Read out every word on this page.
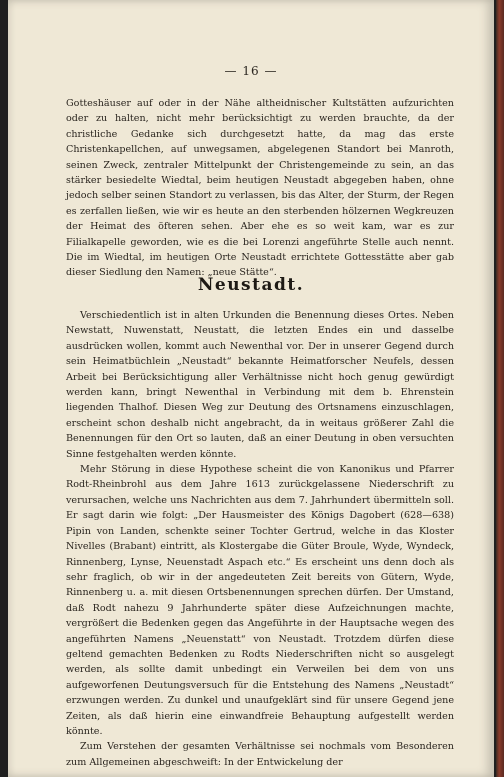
— 16 —

Gotteshäuser auf oder in der Nähe altheidnischer Kultstätten aufzurichten oder zu halten, nicht mehr berücksichtigt zu werden brauchte, da der christliche Gedanke sich durchgesetzt hatte, da mag das erste Christenkapellchen, auf unwegsamen, abgelegenen Standort bei Manroth, seinen Zweck, zentraler Mittelpunkt der Christengemeinde zu sein, an das stärker besiedelte Wiedtal, beim heutigen Neustadt abgegeben haben, ohne jedoch selber seinen Standort zu verlassen, bis das Alter, der Sturm, der Regen es zerfallen ließen, wie wir es heute an den sterbenden hölzernen Wegkreuzen der Heimat des öfteren sehen. Aber ehe es so weit kam, war es zur Filialkapelle geworden, wie es die bei Lorenzi angeführte Stelle auch nennt. Die im Wiedtal, im heutigen Orte Neustadt errichtete Gottesstätte aber gab dieser Siedlung den Namen: „neue Stätte“.

Neustadt.

Verschiedentlich ist in alten Urkunden die Benennung dieses Ortes. Neben Newstatt, Nuwenstatt, Neustatt, die letzten Endes ein und dasselbe ausdrücken wollen, kommt auch Newenthal vor. Der in unserer Gegend durch sein Heimatbüchlein „Neustadt“ bekannte Heimatforscher Neufels, dessen Arbeit bei Berücksichtigung aller Verhältnisse nicht hoch genug gewürdigt werden kann, bringt Newenthal in Verbindung mit dem b. Ehrenstein liegenden Thalhof. Diesen Weg zur Deutung des Ortsnamens einzuschlagen, erscheint schon deshalb nicht angebracht, da in weitaus größerer Zahl die Benennungen für den Ort so lauten, daß an einer Deutung in oben versuchten Sinne festgehalten werden könnte.

Mehr Störung in diese Hypothese scheint die von Kanonikus und Pfarrer Rodt-Rheinbrohl aus dem Jahre 1613 zurückgelassene Niederschrift zu verursachen, welche uns Nachrichten aus dem 7. Jahrhundert übermitteln soll. Er sagt darin wie folgt: „Der Hausmeister des Königs Dagobert (628—638) Pipin von Landen, schenkte seiner Tochter Gertrud, welche in das Kloster Nivelles (Brabant) eintritt, als Klostergabe die Güter Broule, Wyde, Wyndeck, Rinnenberg, Lynse, Neuenstadt Aspach etc.“ Es erscheint uns denn doch als sehr fraglich, ob wir in der angedeuteten Zeit bereits von Gütern, Wyde, Rinnenberg u. a. mit diesen Ortsbenennungen sprechen dürfen. Der Umstand, daß Rodt nahezu 9 Jahrhunderte später diese Aufzeichnungen machte, vergrößert die Bedenken gegen das Angeführte in der Hauptsache wegen des angeführten Namens „Neuenstatt“ von Neustadt. Trotzdem dürfen diese geltend gemachten Bedenken zu Rodts Niederschriften nicht so ausgelegt werden, als sollte damit unbedingt ein Verweilen bei dem von uns aufgeworfenen Deutungsversuch für die Entstehung des Namens „Neustadt“ erzwungen werden. Zu dunkel und unaufgeklärt sind für unsere Gegend jene Zeiten, als daß hierin eine einwandfreie Behauptung aufgestellt werden könnte.

Zum Verstehen der gesamten Verhältnisse sei nochmals vom Besonderen zum Allgemeinen abgeschweift: In der Entwickelung der
